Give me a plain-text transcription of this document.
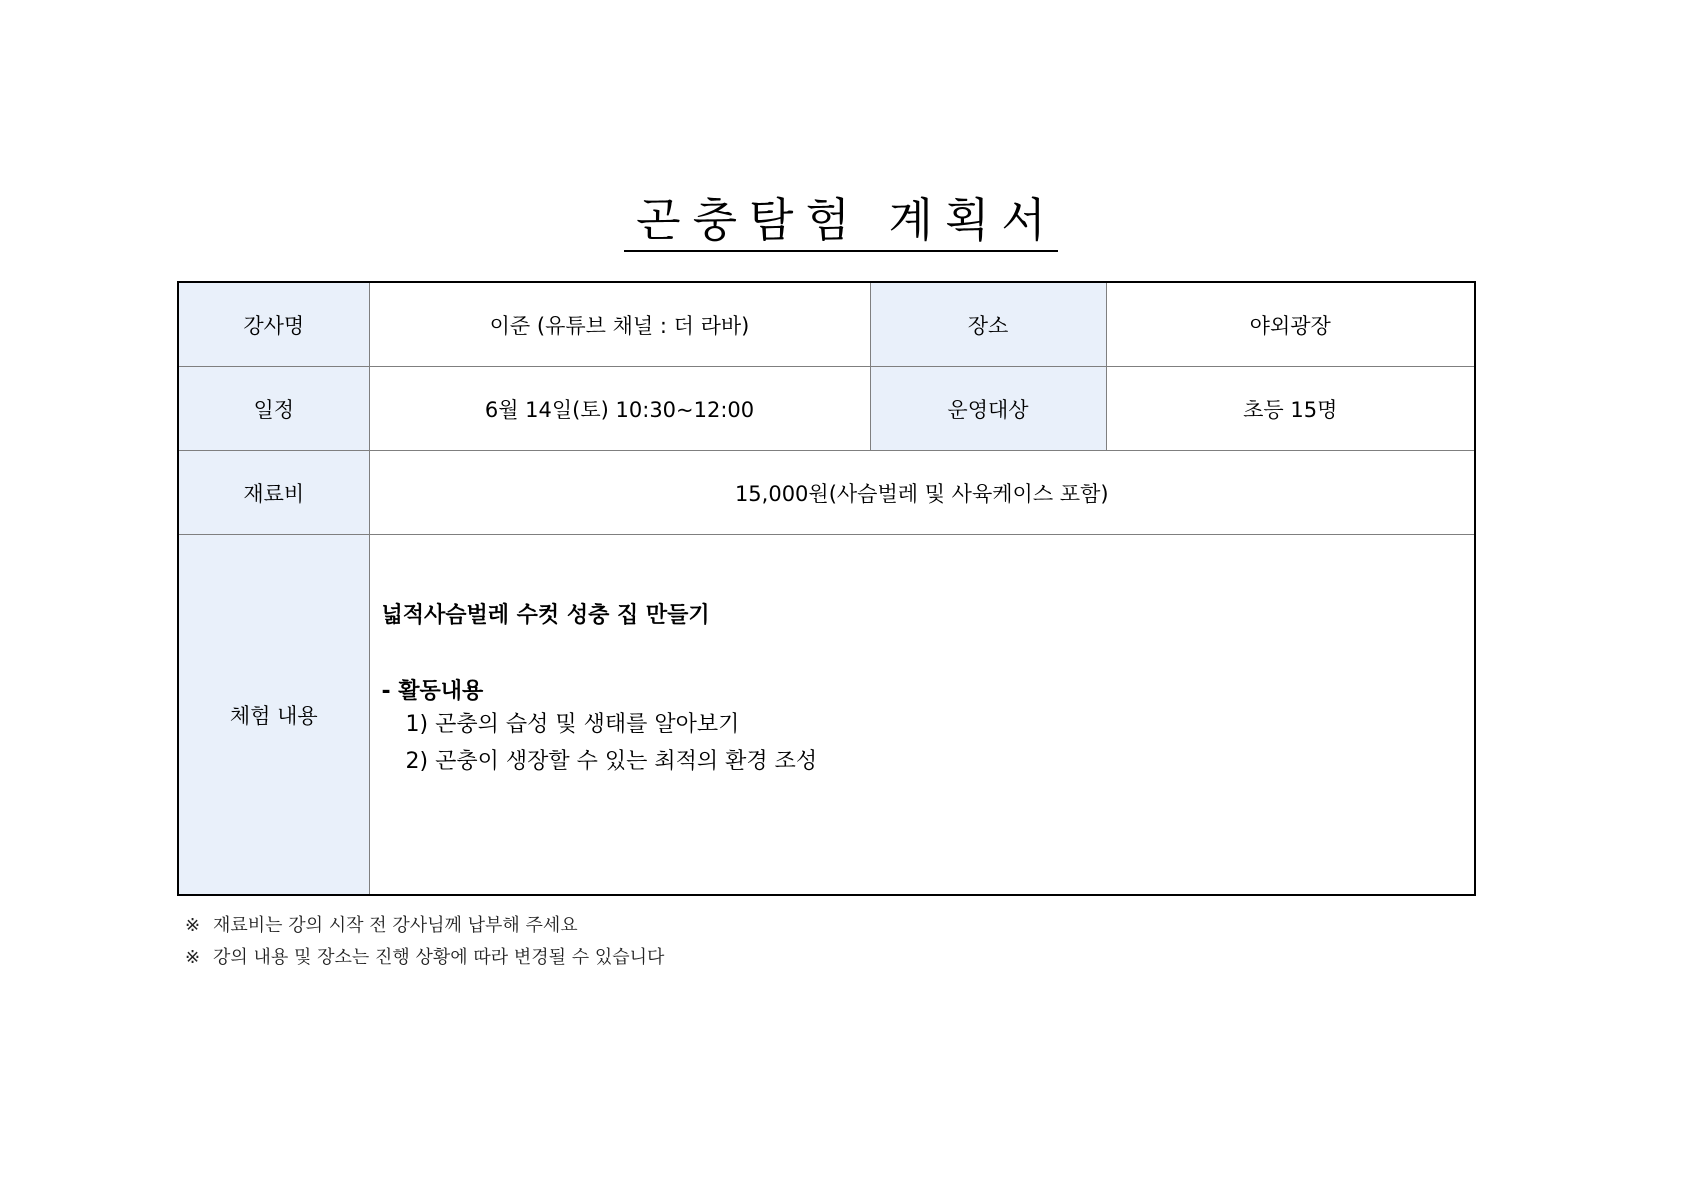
곤충탐험 계획서
강사명	이준 (유튜브 채널 : 더 라바)	장소	야외광장
일정	6월 14일(토) 10:30~12:00	운영대상	초등 15명
재료비	15,000원(사슴벌레 및 사육케이스 포함)		
체험 내용	넓적사슴벌레 수컷 성충 집 만들기
- 활동내용
1) 곤충의 습성 및 생태를 알아보기
2) 곤충이 생장할 수 있는 최적의 환경 조성		
※ 재료비는 강의 시작 전 강사님께 납부해 주세요
※ 강의 내용 및 장소는 진행 상황에 따라 변경될 수 있습니다
